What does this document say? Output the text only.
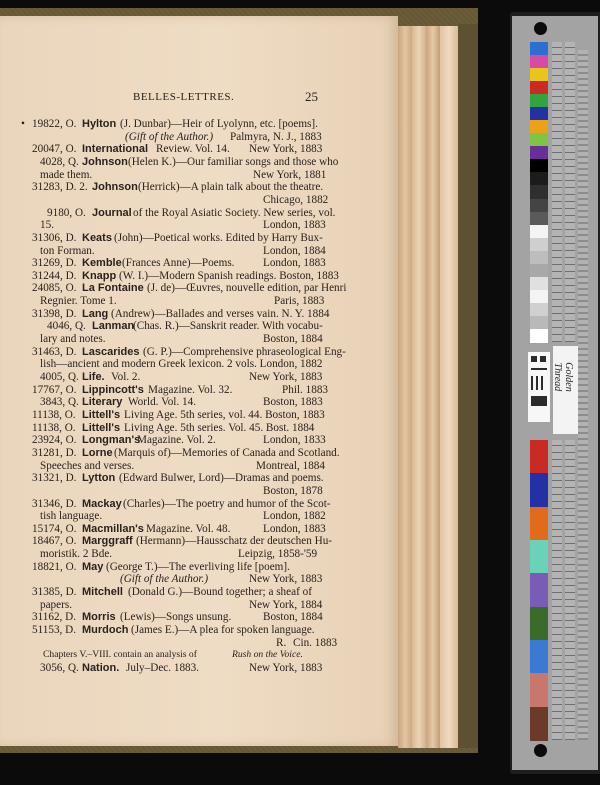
BELLES-LETTRES.	25
• 19822, O. Hylton (J. Dunbar)—Heir of Lyolynn, etc. [poems].
(Gift of the Author.) Palmyra, N. J., 1883
20047, O. International Review. Vol. 14. New York, 1883
4028, Q. Johnson (Helen K.)—Our familiar songs and those who
made them.	New York, 1881
31283, D. 2. Johnson (Herrick)—A plain talk about the theatre.
Chicago, 1882
9180, O. Journal of the Royal Asiatic Society. New series, vol.
15.	London, 1883
31306, D. Keats (John)—Poetical works. Edited by Harry Bux-
ton Forman.	London, 1884
31269, D. Kemble (Frances Anne)—Poems.	London, 1883
31244, D. Knapp (W. I.)—Modern Spanish readings. Boston, 1883
24085, O. La Fontaine (J. de)—Œuvres, nouvelle edition, par Henri
Regnier. Tome 1.	Paris, 1883
31398, D. Lang (Andrew)—Ballades and verses vain. N. Y. 1884
4046, Q. Lanman
(Chas. R.)—Sanskrit reader. With vocabu-
lary and notes.	Boston, 1884
31463, D. Lascarides (G. P.)—Comprehensive phraseological Eng-
lish—ancient and modern Greek lexicon. 2 vols. London, 1882
4005, Q. Life. Vol. 2.	New York, 1883
17767, O. Lippincott's Magazine. Vol. 32.	Phil. 1883
3843, Q. Literary World. Vol. 14.	Boston, 1883
11138, O. Littell's Living Age. 5th series, vol. 44. Boston, 1883
11138, O. Littell's Living Age. 5th series. Vol. 45. Bost. 1884
23924, O. Longman's
Magazine. Vol. 2.	London, 1833
31281, D. Lorne (Marquis of)—Memories of Canada and Scotland.
Speeches and verses.	Montreal, 1884
31321, D. Lytton (Edward Bulwer, Lord)—Dramas and poems.
Boston, 1878
31346, D. Mackay (Charles)—The poetry and humor of the Scot-
tish language.	London, 1882
15174, O. Macmillan's Magazine. Vol. 48.	London, 1883
18467, O. Marggraff (Hermann)—Hausschatz der deutschen Hu-
moristik. 2 Bde.	Leipzig, 1858-'59
18821, O. May (George T.)—The everliving life [poem].
(Gift of the Author.)	New York, 1883
31385, D. Mitchell (Donald G.)—Bound together; a sheaf of
papers.	New York, 1884
31162, D. Morris (Lewis)—Songs unsung.	Boston, 1884
51153, D. Murdoch (James E.)—A plea for spoken language.
R. Cin. 1883
Chapters V.–VIII. contain an analysis of	Rush on the Voice.
3056, Q. Nation. July–Dec. 1883.	New York, 1883
Golden Thread
